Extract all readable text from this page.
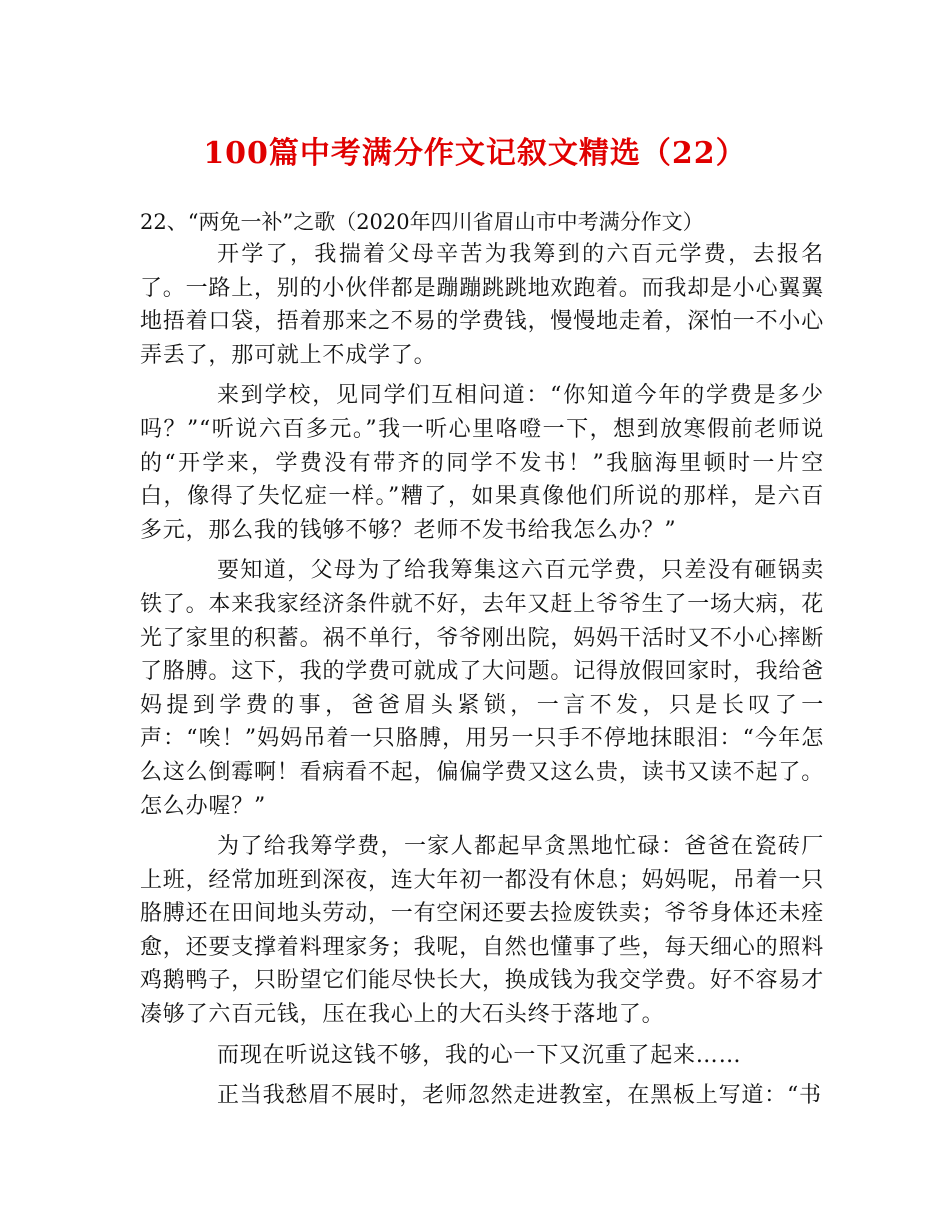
100篇中考满分作文记叙文精选（22）
22、“两免一补”之歌（2020年四川省眉山市中考满分作文）

开学了，我揣着父母辛苦为我筹到的六百元学费，去报名了。一路上，别的小伙伴都是蹦蹦跳跳地欢跑着。而我却是小心翼翼地捂着口袋，捂着那来之不易的学费钱，慢慢地走着，深怕一不小心弄丢了，那可就上不成学了。

来到学校，见同学们互相问道：“你知道今年的学费是多少吗？”“听说六百多元。”我一听心里咯噔一下，想到放寒假前老师说的“开学来，学费没有带齐的同学不发书！”我脑海里顿时一片空白，像得了失忆症一样。”糟了，如果真像他们所说的那样，是六百多元，那么我的钱够不够？老师不发书给我怎么办？”

要知道，父母为了给我筹集这六百元学费，只差没有砸锅卖铁了。本来我家经济条件就不好，去年又赶上爷爷生了一场大病，花光了家里的积蓄。祸不单行，爷爷刚出院，妈妈干活时又不小心摔断了胳膊。这下，我的学费可就成了大问题。记得放假回家时，我给爸妈提到学费的事，爸爸眉头紧锁，一言不发，只是长叹了一声：“唉！”妈妈吊着一只胳膊，用另一只手不停地抹眼泪：“今年怎么这么倒霉啊！看病看不起，偏偏学费又这么贵，读书又读不起了。怎么办喔？”

为了给我筹学费，一家人都起早贪黑地忙碌：爸爸在瓷砖厂上班，经常加班到深夜，连大年初一都没有休息；妈妈呢，吊着一只胳膊还在田间地头劳动，一有空闲还要去捡废铁卖；爷爷身体还未痊愈，还要支撑着料理家务；我呢，自然也懂事了些，每天细心的照料鸡鹅鸭子，只盼望它们能尽快长大，换成钱为我交学费。好不容易才凑够了六百元钱，压在我心上的大石头终于落地了。

而现在听说这钱不够，我的心一下又沉重了起来……

正当我愁眉不展时，老师忽然走进教室，在黑板上写道：“书
